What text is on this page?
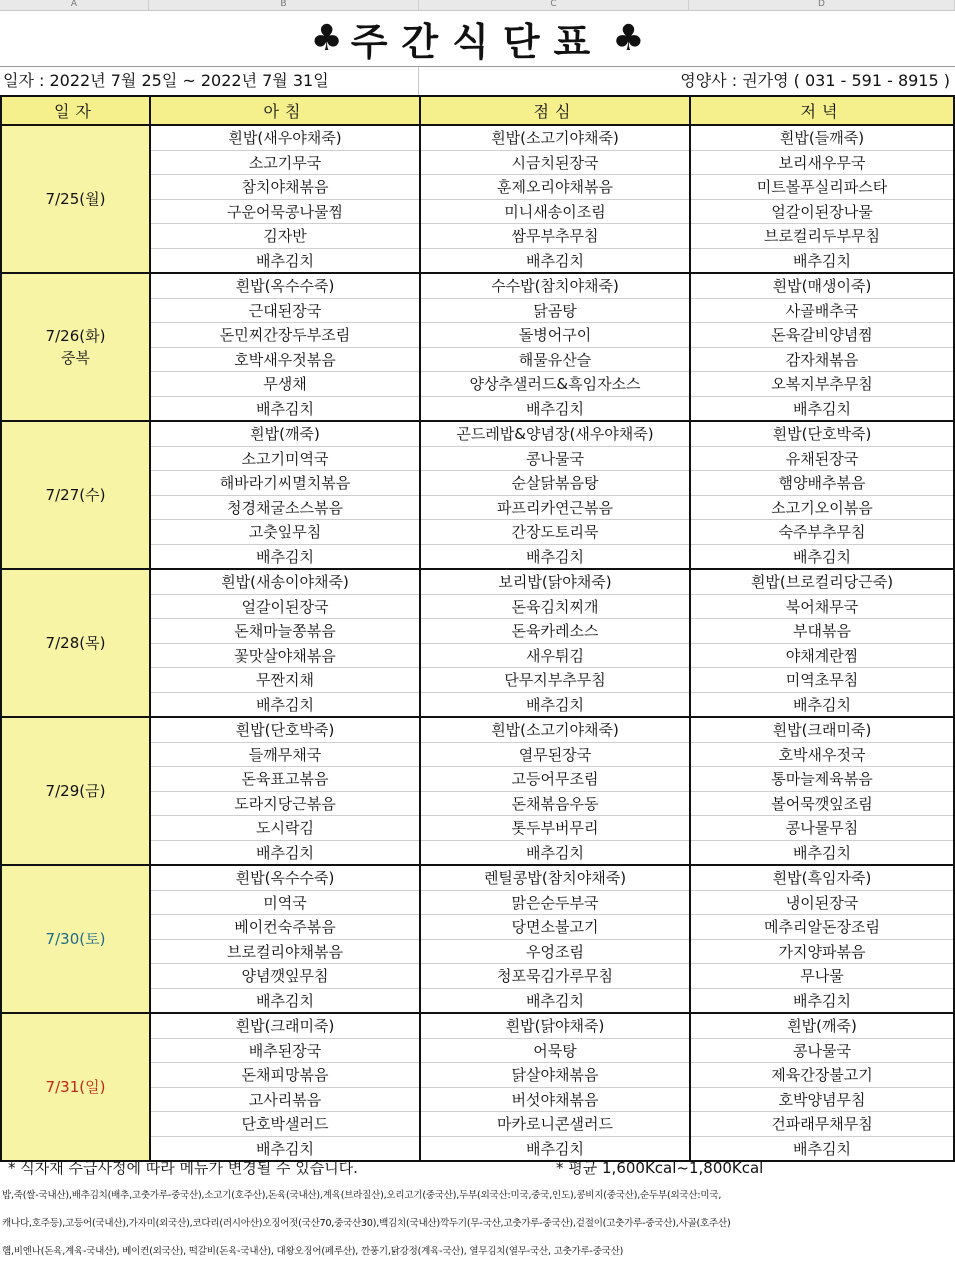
A	B	C	D
♣ 주간식단표 ♣
일자 : 2022년 7월 25일 ~ 2022년 7월 31일	영양사 : 권가영 ( 031 - 591 - 8915 )
일자	아침	점심	저녁

7/25(월)	흰밥(새우야채죽)	흰밥(소고기야채죽)	흰밥(들깨죽)
	소고기무국	시금치된장국	보리새우무국
	참치야채볶음	훈제오리야채볶음	미트볼푸실리파스타
	구운어묵콩나물찜	미니새송이조림	얼갈이된장나물
	김자반	쌈무부추무침	브로컬리두부무침
	배추김치	배추김치	배추김치

7/26(화)
중복	흰밥(옥수수죽)	수수밥(참치야채죽)	흰밥(매생이죽)
	근대된장국	닭곰탕	사골배추국
	돈민찌간장두부조림	돌병어구이	돈육갈비양념찜
	호박새우젓볶음	해물유산슬	감자채볶음
	무생채	양상추샐러드&흑임자소스	오복지부추무침
	배추김치	배추김치	배추김치

7/27(수)	흰밥(깨죽)	곤드레밥&양념장(새우야채죽)	흰밥(단호박죽)
	소고기미역국	콩나물국	유채된장국
	해바라기씨멸치볶음	순살닭볶음탕	햄양배추볶음
	청경채굴소스볶음	파프리카연근볶음	소고기오이볶음
	고춧잎무침	간장도토리묵	숙주부추무침
	배추김치	배추김치	배추김치

7/28(목)	흰밥(새송이야채죽)	보리밥(닭야채죽)	흰밥(브로컬리당근죽)
	얼갈이된장국	돈육김치찌개	북어채무국
	돈채마늘쫑볶음	돈육카레소스	부대볶음
	꽃맛살야채볶음	새우튀김	야채계란찜
	무짠지채	단무지부추무침	미역초무침
	배추김치	배추김치	배추김치

7/29(금)	흰밥(단호박죽)	흰밥(소고기야채죽)	흰밥(크래미죽)
	들깨무채국	열무된장국	호박새우젓국
	돈육표고볶음	고등어무조림	통마늘제육볶음
	도라지당근볶음	돈채볶음우동	볼어묵깻잎조림
	도시락김	톳두부버무리	콩나물무침
	배추김치	배추김치	배추김치

7/30(토)	흰밥(옥수수죽)	렌틸콩밥(참치야채죽)	흰밥(흑임자죽)
	미역국	맑은순두부국	냉이된장국
	베이컨숙주볶음	당면소불고기	메추리알돈장조림
	브로컬리야채볶음	우엉조림	가지양파볶음
	양념깻잎무침	청포묵김가루무침	무나물
	배추김치	배추김치	배추김치

7/31(일)	흰밥(크래미죽)	흰밥(닭야채죽)	흰밥(깨죽)
	배추된장국	어묵탕	콩나물국
	돈채피망볶음	닭살야채볶음	제육간장불고기
	고사리볶음	버섯야채볶음	호박양념무침
	단호박샐러드	마카로니콘샐러드	건파래무채무침
	배추김치	배추김치	배추김치
* 식자재 수급사정에 따라 메뉴가 변경될 수 있습니다.	* 평균 1,600Kcal~1,800Kcal
밥,죽(쌀-국내산),배추김치(배추,고춧가루-중국산),소고기(호주산),돈육(국내산),계육(브라질산),오리고기(중국산),두부(외국산:미국,중국,인도),콩비지(중국산),순두부(외국산:미국,
캐나다,호주등),고등어(국내산),가자미(외국산),코다리(러시아산)오징어젓(국산70,중국산30),백김치(국내산)깍두기(무-국산,고춧가루-중국산),겉절이(고춧가루-중국산),사골(호주산)
햄,비엔나(돈육,계육-국내산), 베이컨(외국산), 떡갈비(돈육-국내산), 대왕오징어(페루산), 깐풍기,닭강정(계육-국산), 열무김치(열무-국산, 고춧가루-중국산)
